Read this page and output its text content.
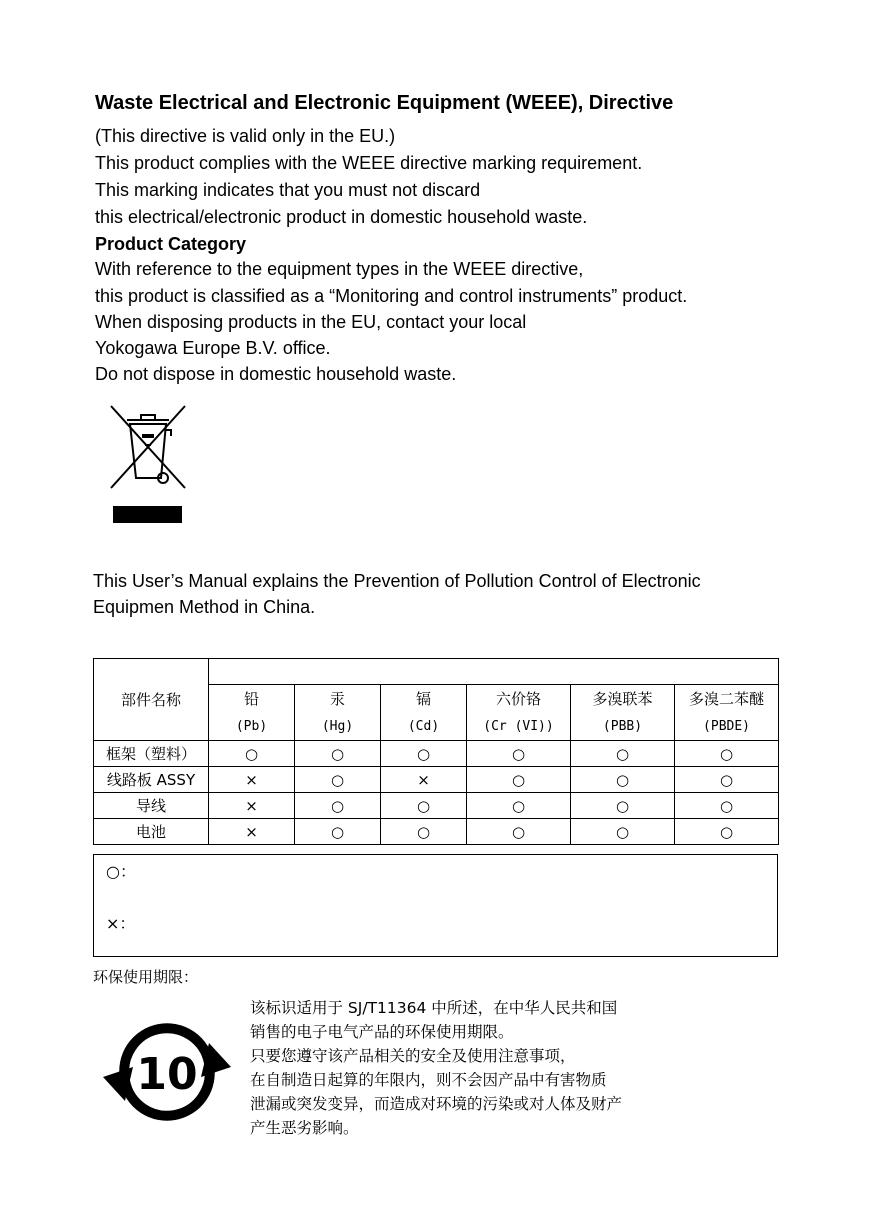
Waste Electrical and Electronic Equipment (WEEE), Directive
(This directive is valid only in the EU.)
This product complies with the WEEE directive marking requirement.
This marking indicates that you must not discard
this electrical/electronic product in domestic household waste.
Product Category
With reference to the equipment types in the WEEE directive,
this product is classified as a “Monitoring and control instruments” product.
When disposing products in the EU, contact your local
Yokogawa Europe B.V. office.
Do not dispose in domestic household waste.
This User’s Manual explains the Prevention of Pollution Control of Electronic
Equipmen Method in China.
部件名称						
	铅	汞	镉	六价铬	多溴联苯	多溴二苯醚
	(Pb)	(Hg)	(Cd)	(Cr (VI))	(PBB)	(PBDE)
框架（塑料）	○	○	○	○	○	○
线路板 ASSY	×	○	×	○	○	○
导线	×	○	○	○	○	○
电池	×	○	○	○	○	○
○：
×：
环保使用期限：
10
该标识适用于 SJ/T11364 中所述，在中华人民共和国
销售的电子电气产品的环保使用期限。
只要您遵守该产品相关的安全及使用注意事项，
在自制造日起算的年限内，则不会因产品中有害物质
泄漏或突发变异，而造成对环境的污染或对人体及财产
产生恶劣影响。
